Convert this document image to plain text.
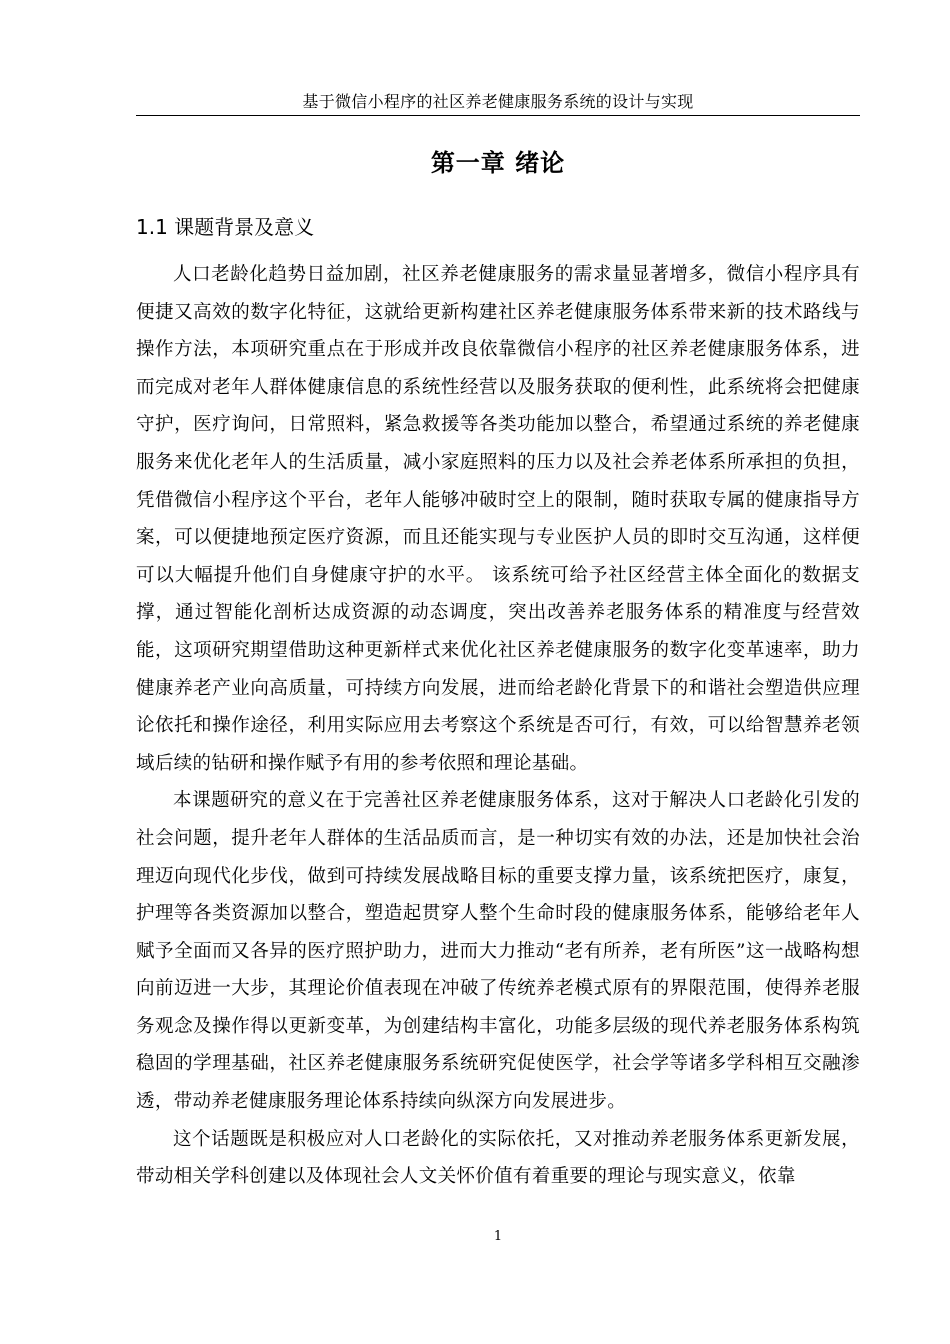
基于微信小程序的社区养老健康服务系统的设计与实现
第一章 绪论
1.1 课题背景及意义

人口老龄化趋势日益加剧，社区养老健康服务的需求量显著增多，微信小程序具有便捷又高效的数字化特征，这就给更新构建社区养老健康服务体系带来新的技术路线与操作方法，本项研究重点在于形成并改良依靠微信小程序的社区养老健康服务体系，进而完成对老年人群体健康信息的系统性经营以及服务获取的便利性，此系统将会把健康守护，医疗询问，日常照料，紧急救援等各类功能加以整合，希望通过系统的养老健康服务来优化老年人的生活质量，减小家庭照料的压力以及社会养老体系所承担的负担，凭借微信小程序这个平台，老年人能够冲破时空上的限制，随时获取专属的健康指导方案，可以便捷地预定医疗资源，而且还能实现与专业医护人员的即时交互沟通，这样便可以大幅提升他们自身健康守护的水平。 该系统可给予社区经营主体全面化的数据支撑，通过智能化剖析达成资源的动态调度，突出改善养老服务体系的精准度与经营效能，这项研究期望借助这种更新样式来优化社区养老健康服务的数字化变革速率，助力健康养老产业向高质量，可持续方向发展，进而给老龄化背景下的和谐社会塑造供应理论依托和操作途径，利用实际应用去考察这个系统是否可行，有效，可以给智慧养老领域后续的钻研和操作赋予有用的参考依照和理论基础。

本课题研究的意义在于完善社区养老健康服务体系，这对于解决人口老龄化引发的社会问题，提升老年人群体的生活品质而言，是一种切实有效的办法，还是加快社会治理迈向现代化步伐，做到可持续发展战略目标的重要支撑力量，该系统把医疗，康复，护理等各类资源加以整合，塑造起贯穿人整个生命时段的健康服务体系，能够给老年人赋予全面而又各异的医疗照护助力，进而大力推动“老有所养，老有所医”这一战略构想向前迈进一大步，其理论价值表现在冲破了传统养老模式原有的界限范围，使得养老服务观念及操作得以更新变革，为创建结构丰富化，功能多层级的现代养老服务体系构筑稳固的学理基础，社区养老健康服务系统研究促使医学，社会学等诸多学科相互交融渗透，带动养老健康服务理论体系持续向纵深方向发展进步。

这个话题既是积极应对人口老龄化的实际依托，又对推动养老服务体系更新发展，带动相关学科创建以及体现社会人文关怀价值有着重要的理论与现实意义，依靠

1
